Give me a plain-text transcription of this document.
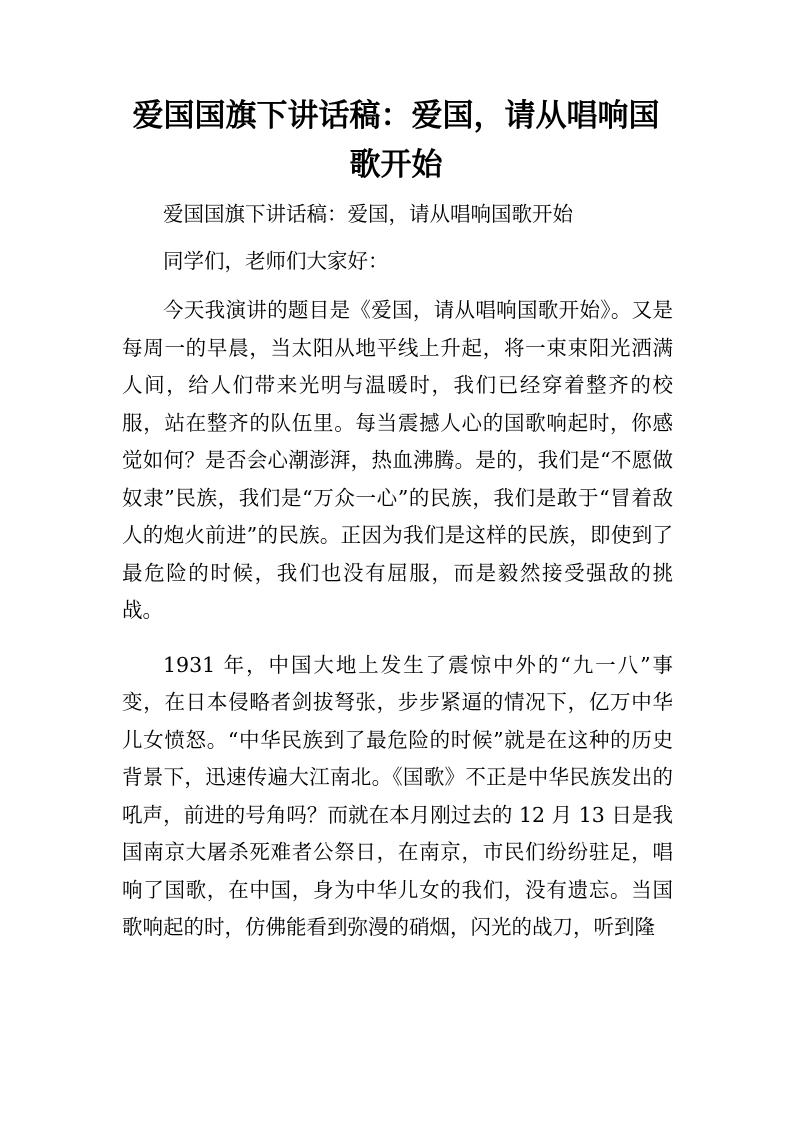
爱国国旗下讲话稿：爱国，请从唱响国
歌开始

爱国国旗下讲话稿：爱国，请从唱响国歌开始

同学们，老师们大家好：

今天我演讲的题目是《爱国，请从唱响国歌开始》。又是每周一的早晨，当太阳从地平线上升起，将一束束阳光洒满人间，给人们带来光明与温暖时，我们已经穿着整齐的校服，站在整齐的队伍里。每当震撼人心的国歌响起时，你感觉如何？是否会心潮澎湃，热血沸腾。是的，我们是“不愿做奴隶”民族，我们是“万众一心”的民族，我们是敢于“冒着敌人的炮火前进”的民族。正因为我们是这样的民族，即使到了最危险的时候，我们也没有屈服，而是毅然接受强敌的挑战。

1931 年，中国大地上发生了震惊中外的“九一八”事变，在日本侵略者剑拔弩张，步步紧逼的情况下，亿万中华儿女愤怒。“中华民族到了最危险的时候”就是在这种的历史背景下，迅速传遍大江南北。《国歌》不正是中华民族发出的吼声，前进的号角吗？而就在本月刚过去的 12 月 13 日是我国南京大屠杀死难者公祭日，在南京，市民们纷纷驻足，唱响了国歌，在中国，身为中华儿女的我们，没有遗忘。当国歌响起的时，仿佛能看到弥漫的硝烟，闪光的战刀，听到隆
